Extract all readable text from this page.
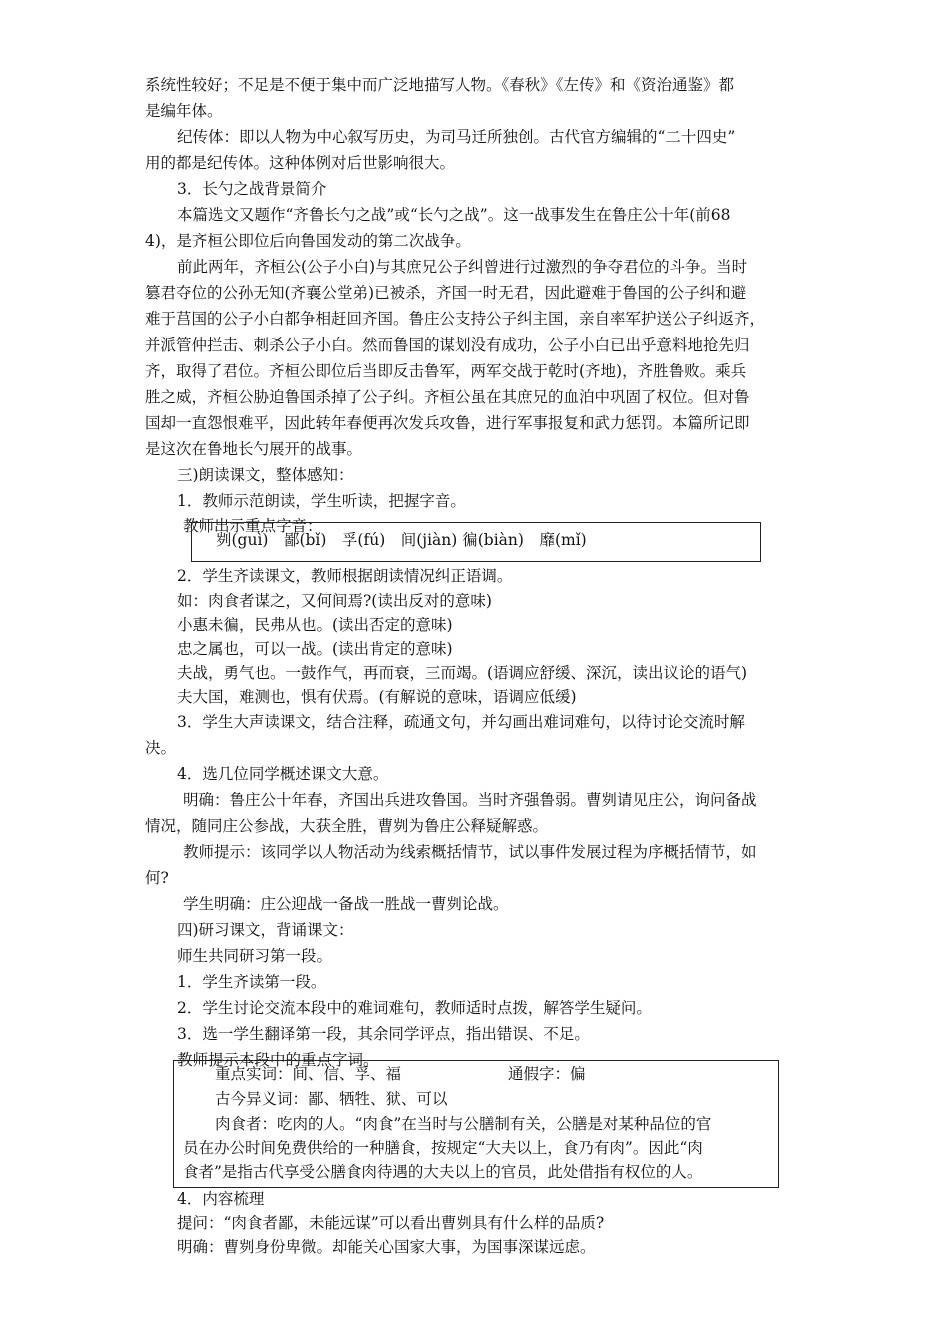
系统性较好；不足是不便于集中而广泛地描写人物。《春秋》《左传》和《资治通鉴》都
是编年体。
纪传体：即以人物为中心叙写历史，为司马迁所独创。古代官方编辑的“二十四史”
用的都是纪传体。这种体例对后世影响很大。
3．长勺之战背景简介
本篇选文又题作“齐鲁长勺之战”或“长勺之战”。这一战事发生在鲁庄公十年(前68
4)，是齐桓公即位后向鲁国发动的第二次战争。
前此两年，齐桓公(公子小白)与其庶兄公子纠曾进行过激烈的争夺君位的斗争。当时
篡君夺位的公孙无知(齐襄公堂弟)已被杀，齐国一时无君，因此避难于鲁国的公子纠和避
难于莒国的公子小白都争相赶回齐国。鲁庄公支持公子纠主国，亲自率军护送公子纠返齐，
并派管仲拦击、刺杀公子小白。然而鲁国的谋划没有成功，公子小白已出乎意料地抢先归
齐，取得了君位。齐桓公即位后当即反击鲁军，两军交战于乾时(齐地)，齐胜鲁败。乘兵
胜之威，齐桓公胁迫鲁国杀掉了公子纠。齐桓公虽在其庶兄的血泊中巩固了权位。但对鲁
国却一直怨恨难平，因此转年春便再次发兵攻鲁，进行军事报复和武力惩罚。本篇所记即
是这次在鲁地长勺展开的战事。
三)朗读课文，整体感知：
1．教师示范朗读，学生听读，把握字音。
教师出示重点字音：
刿(guì)　鄙(bǐ)　孚(fú)　间(jiàn) 徧(biàn)　靡(mǐ)
2．学生齐读课文，教师根据朗读情况纠正语调。
如：肉食者谋之，又何间焉?(读出反对的意味)
小惠未徧，民弗从也。(读出否定的意味)
忠之属也，可以一战。(读出肯定的意味)
夫战，勇气也。一鼓作气，再而衰，三而竭。(语调应舒缓、深沉，读出议论的语气)
夫大国，难测也，惧有伏焉。(有解说的意味，语调应低缓)
3．学生大声读课文，结合注释，疏通文句，并勾画出难词难句，以待讨论交流时解
决。
4．选几位同学概述课文大意。
明确：鲁庄公十年春，齐国出兵进攻鲁国。当时齐强鲁弱。曹刿请见庄公，询问备战
情况，随同庄公参战，大获全胜，曹刿为鲁庄公释疑解惑。
教师提示：该同学以人物活动为线索概括情节，试以事件发展过程为序概括情节，如
何?
学生明确：庄公迎战一备战一胜战一曹刿论战。
四)研习课文，背诵课文：
师生共同研习第一段。
1．学生齐读第一段。
2．学生讨论交流本段中的难词难句，教师适时点拨，解答学生疑问。
3．选一学生翻译第一段，其余同学评点，指出错误、不足。
教师提示本段中的重点字词。
重点实词：间、信、孚、福	通假字：偏
古今异义词：鄙、牺牲、狱、可以
肉食者：吃肉的人。“肉食”在当时与公膳制有关，公膳是对某种品位的官
员在办公时间免费供给的一种膳食，按规定“大夫以上，食乃有肉”。因此“肉
食者”是指古代享受公膳食肉待遇的大夫以上的官员，此处借指有权位的人。
4．内容梳理
提问：“肉食者鄙，未能远谋”可以看出曹刿具有什么样的品质?
明确：曹刿身份卑微。却能关心国家大事，为国事深谋远虑。
